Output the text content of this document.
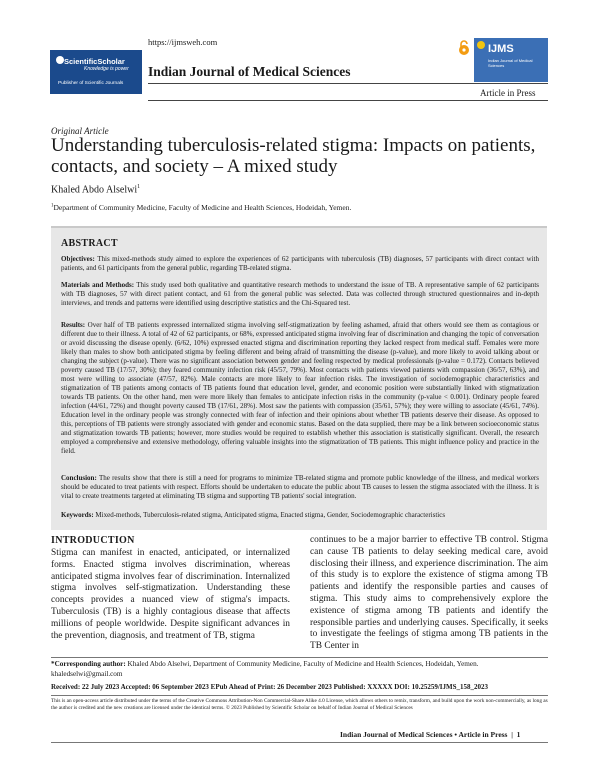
https://ijmsweh.com
ScientificScholar
Knowledge is power
Publisher of Scientific Journals
Indian Journal of Medical Sciences
Article in Press
IJMS
Indian Journal of Medical Sciences
Original Article
Understanding tuberculosis-related stigma: Impacts on patients, contacts, and society – A mixed study
Khaled Abdo Alselwi$^1$
$^1$Department of Community Medicine, Faculty of Medicine and Health Sciences, Hodeidah, Yemen.
ABSTRACT
Objectives: This mixed-methods study aimed to explore the experiences of 62 participants with tuberculosis (TB) diagnoses, 57 participants with direct contact with patients, and 61 participants from the general public, regarding TB-related stigma.
Materials and Methods: This study used both qualitative and quantitative research methods to understand the issue of TB. A representative sample of 62 participants with TB diagnoses, 57 with direct patient contact, and 61 from the general public was selected. Data was collected through structured questionnaires and in-depth interviews, and trends and patterns were identified using descriptive statistics and the Chi-Squared test.
Results: Over half of TB patients expressed internalized stigma involving self-stigmatization by feeling ashamed, afraid that others would see them as contagious or different due to their illness. A total of 42 of 62 participants, or 68%, expressed anticipated stigma involving fear of discrimination and changing the topic of conversation or avoid discussing the disease openly. (6/62, 10%) expressed enacted stigma and discrimination reporting they lacked respect from medical staff. Females were more likely than males to show both anticipated stigma by feeling different and being afraid of transmitting the disease (p-value), and more likely to avoid talking about or changing the subject (p-value). There was no significant association between gender and feeling respected by medical professionals (p-value = 0.172). Contacts believed poverty caused TB (17/57, 30%); they feared community infection risk (45/57, 79%). Most contacts with patients viewed patients with compassion (36/57, 63%), and most were willing to associate (47/57, 82%). Male contacts are more likely to fear infection risks. The investigation of sociodemographic characteristics and stigmatization of TB patients among contacts of TB patients found that education level, gender, and economic position were substantially linked with stigmatization towards TB patients. On the other hand, men were more likely than females to anticipate infection risks in the community (p-value < 0.001). Ordinary people feared infection (44/61, 72%) and thought poverty caused TB (17/61, 28%). Most saw the patients with compassion (35/61, 57%); they were willing to associate (45/61, 74%). Education level in the ordinary people was strongly connected with fear of infection and their opinions about whether TB patients deserve their disease. As opposed to this, perceptions of TB patients were strongly associated with gender and economic status. Based on the data supplied, there may be a link between socioeconomic status and stigmatization towards TB patients; however, more studies would be required to establish whether this association is statistically significant. Overall, the research employed a comprehensive and extensive methodology, offering valuable insights into the stigmatization of TB patients. This might influence policy and practice in the field.
Conclusion: The results show that there is still a need for programs to minimize TB-related stigma and promote public knowledge of the illness, and medical workers should be educated to treat patients with respect. Efforts should be undertaken to educate the public about TB causes to lessen the stigma associated with the illness. It is vital to create treatments targeted at eliminating TB stigma and supporting TB patients' social integration.
Keywords: Mixed-methods, Tuberculosis-related stigma, Anticipated stigma, Enacted stigma, Gender, Sociodemographic characteristics
INTRODUCTION
Stigma can manifest in enacted, anticipated, or internalized forms. Enacted stigma involves discrimination, whereas anticipated stigma involves fear of discrimination. Internalized stigma involves self-stigmatization. Understanding these concepts provides a nuanced view of stigma's impacts. Tuberculosis (TB) is a highly contagious disease that affects millions of people worldwide. Despite significant advances in the prevention, diagnosis, and treatment of TB, stigma
continues to be a major barrier to effective TB control. Stigma can cause TB patients to delay seeking medical care, avoid disclosing their illness, and experience discrimination. The aim of this study is to explore the existence of stigma among TB patients and identify the responsible parties and causes of stigma. This study aims to comprehensively explore the existence of stigma among TB patients and identify the responsible parties and underlying causes. Specifically, it seeks to investigate the feelings of stigma among TB patients in the TB Center in
*Corresponding author: Khaled Abdo Alselwi, Department of Community Medicine, Faculty of Medicine and Health Sciences, Hodeidah, Yemen. khaledselwi@gmail.com
Received: 22 July 2023 Accepted: 06 September 2023 EPub Ahead of Print: 26 December 2023 Published: XXXXX DOI: 10.25259/IJMS_158_2023
This is an open-access article distributed under the terms of the Creative Commons Attribution-Non Commercial-Share Alike 4.0 License, which allows others to remix, transform, and build upon the work non-commercially, as long as the author is credited and the new creations are licensed under the identical terms. © 2023 Published by Scientific Scholar on behalf of Indian Journal of Medical Sciences
Indian Journal of Medical Sciences • Article in Press  |  1
